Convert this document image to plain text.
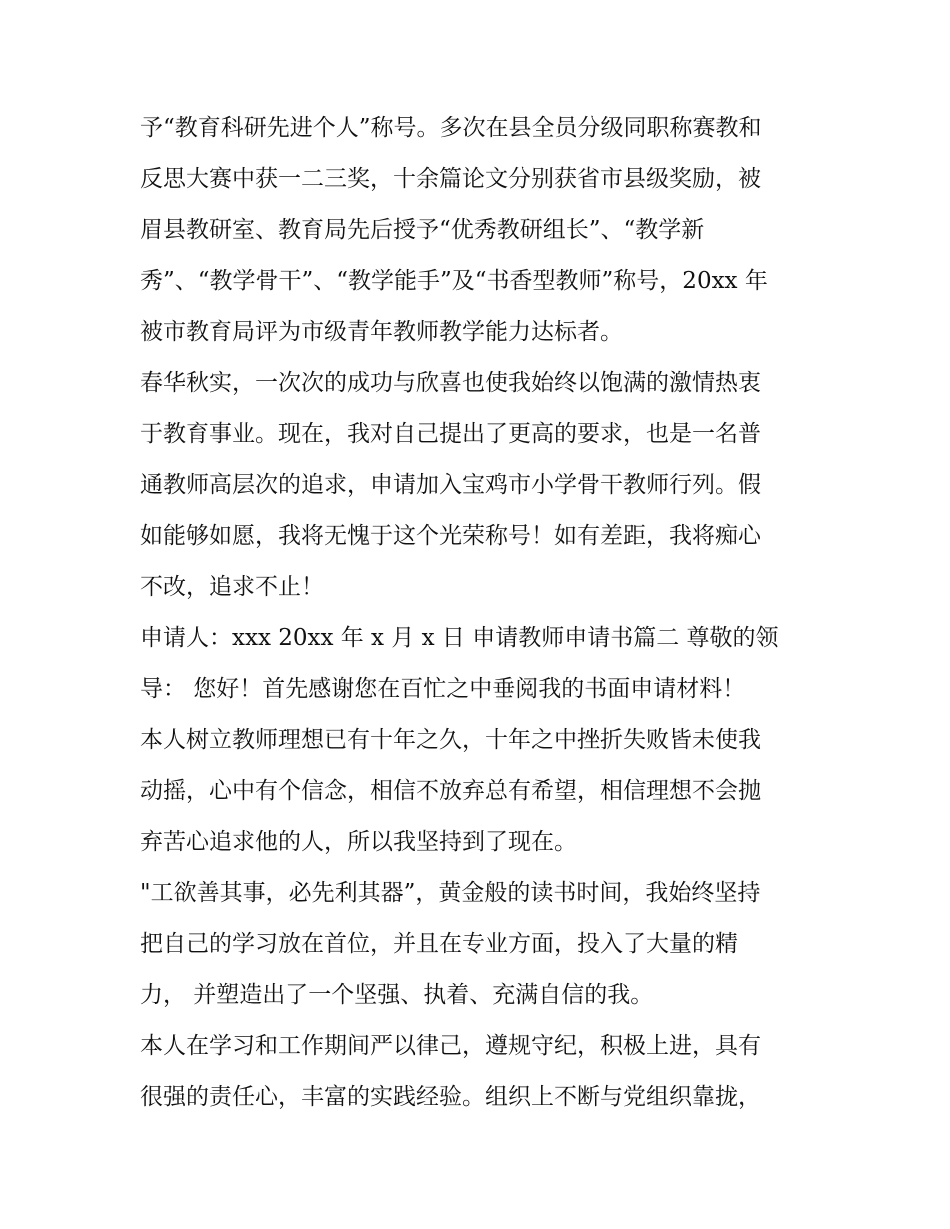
予“教育科研先进个人”称号。多次在县全员分级同职称赛教和
反思大赛中获一二三奖，十余篇论文分别获省市县级奖励，被
眉县教研室、教育局先后授予“优秀教研组长”、“教学新
秀”、“教学骨干”、“教学能手”及“书香型教师”称号，20xx 年
被市教育局评为市级青年教师教学能力达标者。
春华秋实，一次次的成功与欣喜也使我始终以饱满的激情热衷
于教育事业。现在，我对自己提出了更高的要求，也是一名普
通教师高层次的追求，申请加入宝鸡市小学骨干教师行列。假
如能够如愿，我将无愧于这个光荣称号！如有差距，我将痴心
不改，追求不止！
申请人：xxx 20xx 年 x 月 x 日 申请教师申请书篇二 尊敬的领
导： 您好！首先感谢您在百忙之中垂阅我的书面申请材料！
本人树立教师理想已有十年之久，十年之中挫折失败皆未使我
动摇，心中有个信念，相信不放弃总有希望，相信理想不会抛
弃苦心追求他的人，所以我坚持到了现在。
"工欲善其事，必先利其器”，黄金般的读书时间，我始终坚持
把自己的学习放在首位，并且在专业方面，投入了大量的精
力， 并塑造出了一个坚强、执着、充满自信的我。
本人在学习和工作期间严以律己，遵规守纪，积极上进，具有
很强的责任心，丰富的实践经验。组织上不断与党组织靠拢，
